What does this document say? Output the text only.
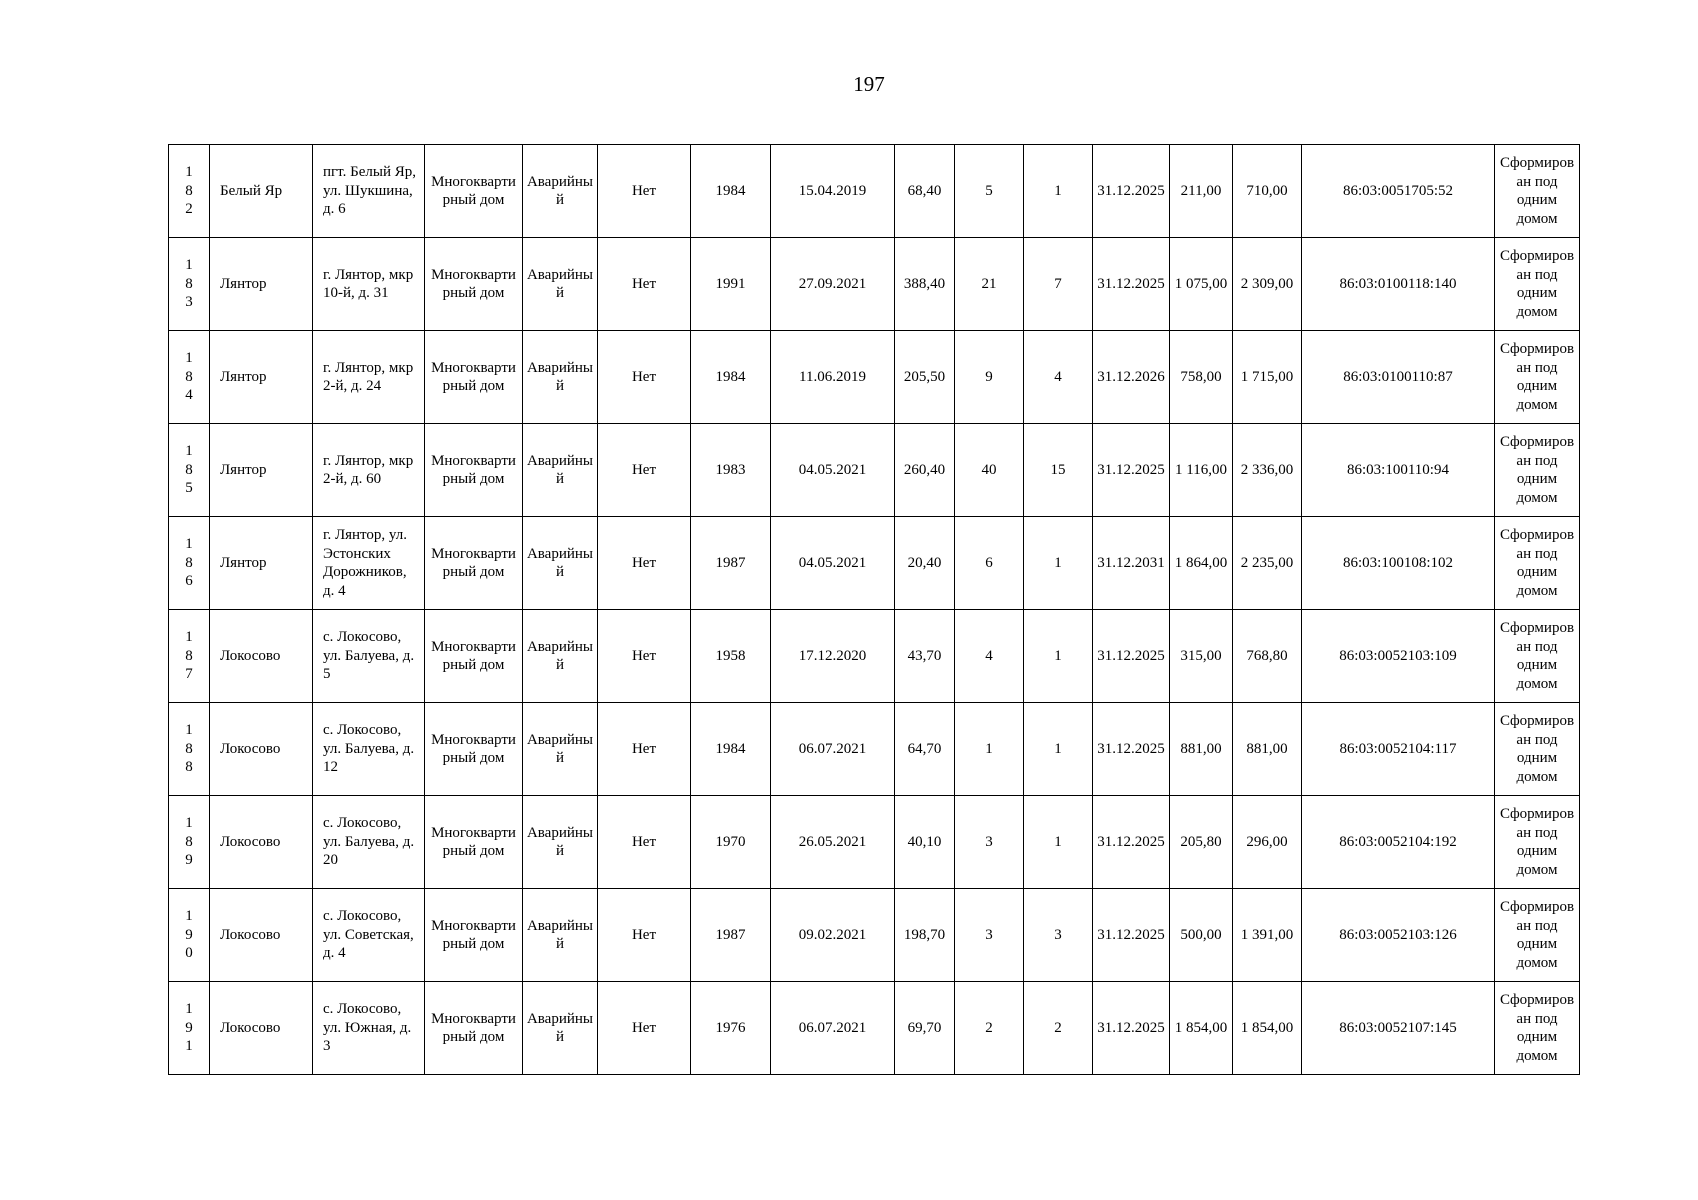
197
182	Белый Яр	пгт. Белый Яр, ул. Шукшина, д. 6	Многоквартирный дом	Аварийный	Нет	1984	15.04.2019	68,40	5	1	31.12.2025	211,00	710,00	86:03:0051705:52	Сформирован под одним домом
183	Лянтор	г. Лянтор, мкр 10-й, д. 31	Многоквартирный дом	Аварийный	Нет	1991	27.09.2021	388,40	21	7	31.12.2025	1 075,00	2 309,00	86:03:0100118:140	Сформирован под одним домом
184	Лянтор	г. Лянтор, мкр 2-й, д. 24	Многоквартирный дом	Аварийный	Нет	1984	11.06.2019	205,50	9	4	31.12.2026	758,00	1 715,00	86:03:0100110:87	Сформирован под одним домом
185	Лянтор	г. Лянтор, мкр 2-й, д. 60	Многоквартирный дом	Аварийный	Нет	1983	04.05.2021	260,40	40	15	31.12.2025	1 116,00	2 336,00	86:03:100110:94	Сформирован под одним домом
186	Лянтор	г. Лянтор, ул. Эстонских Дорожников, д. 4	Многоквартирный дом	Аварийный	Нет	1987	04.05.2021	20,40	6	1	31.12.2031	1 864,00	2 235,00	86:03:100108:102	Сформирован под одним домом
187	Локосово	с. Локосово, ул. Балуева, д. 5	Многоквартирный дом	Аварийный	Нет	1958	17.12.2020	43,70	4	1	31.12.2025	315,00	768,80	86:03:0052103:109	Сформирован под одним домом
188	Локосово	с. Локосово, ул. Балуева, д. 12	Многоквартирный дом	Аварийный	Нет	1984	06.07.2021	64,70	1	1	31.12.2025	881,00	881,00	86:03:0052104:117	Сформирован под одним домом
189	Локосово	с. Локосово, ул. Балуева, д. 20	Многоквартирный дом	Аварийный	Нет	1970	26.05.2021	40,10	3	1	31.12.2025	205,80	296,00	86:03:0052104:192	Сформирован под одним домом
190	Локосово	с. Локосово, ул. Советская, д. 4	Многоквартирный дом	Аварийный	Нет	1987	09.02.2021	198,70	3	3	31.12.2025	500,00	1 391,00	86:03:0052103:126	Сформирован под одним домом
191	Локосово	с. Локосово, ул. Южная, д. 3	Многоквартирный дом	Аварийный	Нет	1976	06.07.2021	69,70	2	2	31.12.2025	1 854,00	1 854,00	86:03:0052107:145	Сформирован под одним домом
